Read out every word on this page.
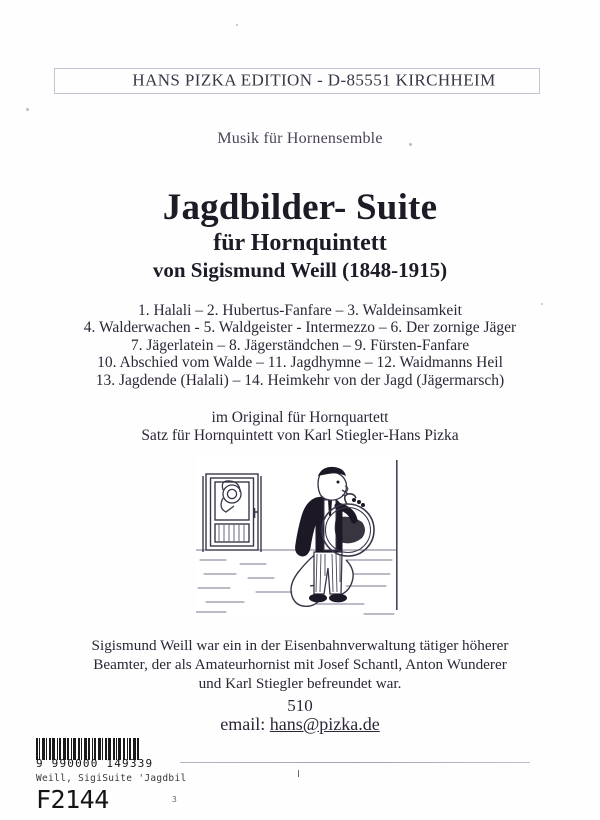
HANS PIZKA EDITION - D-85551 KIRCHHEIM
Musik für Hornensemble
Jagdbilder- Suite
für Hornquintett
von Sigismund Weill (1848-1915)
1. Halali – 2. Hubertus-Fanfare – 3. Waldeinsamkeit
4. Walderwachen - 5. Waldgeister - Intermezzo – 6. Der zornige Jäger
7. Jägerlatein – 8. Jägerständchen – 9. Fürsten-Fanfare
10. Abschied vom Walde – 11. Jagdhymne – 12. Waidmanns Heil
13. Jagdende (Halali) – 14. Heimkehr von der Jagd (Jägermarsch)
im Original für Hornquartett
Satz für Hornquintett von Karl Stiegler-Hans Pizka
Sigismund Weill war ein in der Eisenbahnverwaltung tätiger höherer
Beamter, der als Amateurhornist mit Josef Schantl, Anton Wunderer
und Karl Stiegler befreundet war.
510
email: hans@pizka.de
9 990000 149339
Weill, SigiSuite 'Jagdbil
F2144	3
